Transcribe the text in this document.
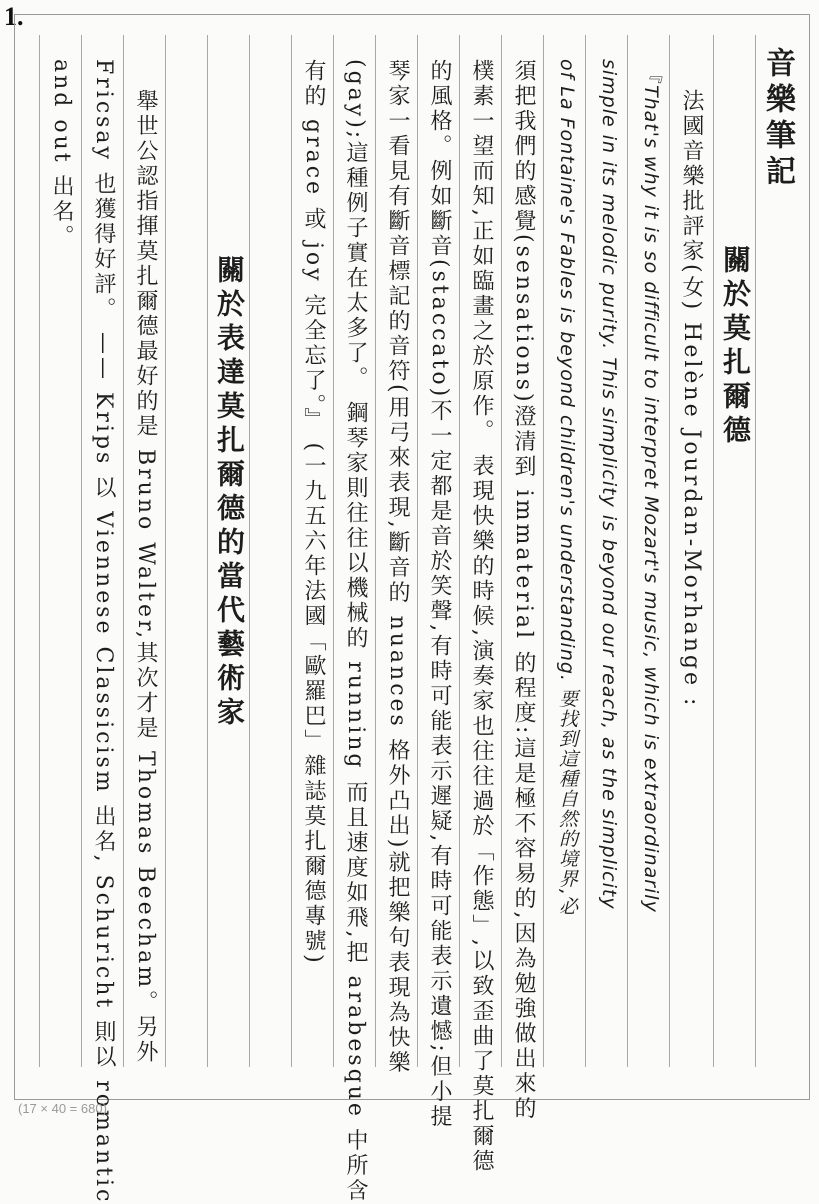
1.
音樂筆記
關於莫扎爾德
法國音樂批評家(女) Helène Jourdan-Morhange :
『That's why it is so difficult to interpret Mozart's music, which is extraordinarily
simple in its melodic purity. This simplicity is beyond our reach, as the simplicity
of La Fontaine's Fables is beyond children's understanding. 要找到這種自然的境界,必
須把我們的感覺(sensations)澄清到 immaterial 的程度:這是極不容易的,因為勉強做出來的
樸素一望而知,正如臨畫之於原作。 表現快樂的時候,演奏家也往往過於「作態」,以致歪曲了莫扎爾德
的風格。例如斷音(staccato)不一定都是音於笑聲,有時可能表示遲疑,有時可能表示遺憾;但小提
琴家一看見有斷音標記的音符(用弓來表現,斷音的 nuances 格外凸出)就把樂句表現為快樂
(gay);這種例子實在太多了。 鋼琴家則往往以機械的 running 而且速度如飛,把 arabesque 中所含
有的 grace 或 joy 完全忘了。』 (一九五六年法國「歐羅巴」雜誌莫扎爾德專號)
關於表達莫扎爾德的當代藝術家
舉世公認指揮莫扎爾德最好的是 Bruno Walter,其次才是 Thomas Beecham。另外
Fricsay 也獲得好評。 —— Krips 以 Viennese Classicism 出名, Schuricht 則以 romantic
and out 出名。
(17 × 40 = 680)
